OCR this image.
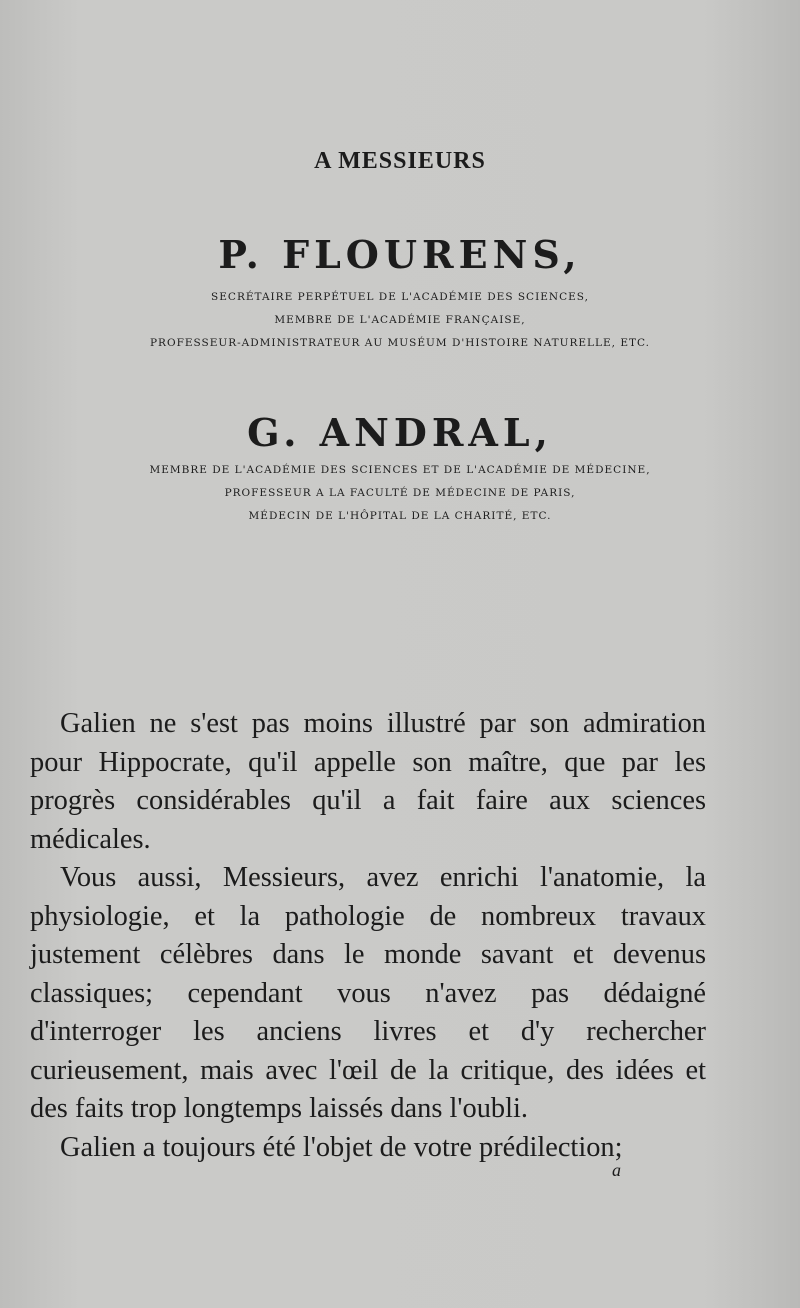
A MESSIEURS
P. FLOURENS,
SECRÉTAIRE PERPÉTUEL DE L'ACADÉMIE DES SCIENCES,
MEMBRE DE L'ACADÉMIE FRANÇAISE,
PROFESSEUR-ADMINISTRATEUR AU MUSÉUM D'HISTOIRE NATURELLE, ETC.
G. ANDRAL,
MEMBRE DE L'ACADÉMIE DES SCIENCES ET DE L'ACADÉMIE DE MÉDECINE,
PROFESSEUR A LA FACULTÉ DE MÉDECINE DE PARIS,
MÉDECIN DE L'HÔPITAL DE LA CHARITÉ, ETC.

Galien ne s'est pas moins illustré par son admiration pour Hippocrate, qu'il appelle son maître, que par les progrès considérables qu'il a fait faire aux sciences médicales.

Vous aussi, Messieurs, avez enrichi l'anatomie, la physiologie, et la pathologie de nombreux travaux justement célèbres dans le monde savant et devenus classiques; cependant vous n'avez pas dédaigné d'interroger les anciens livres et d'y rechercher curieusement, mais avec l'œil de la critique, des idées et des faits trop longtemps laissés dans l'oubli.

Galien a toujours été l'objet de votre prédilection;

a
